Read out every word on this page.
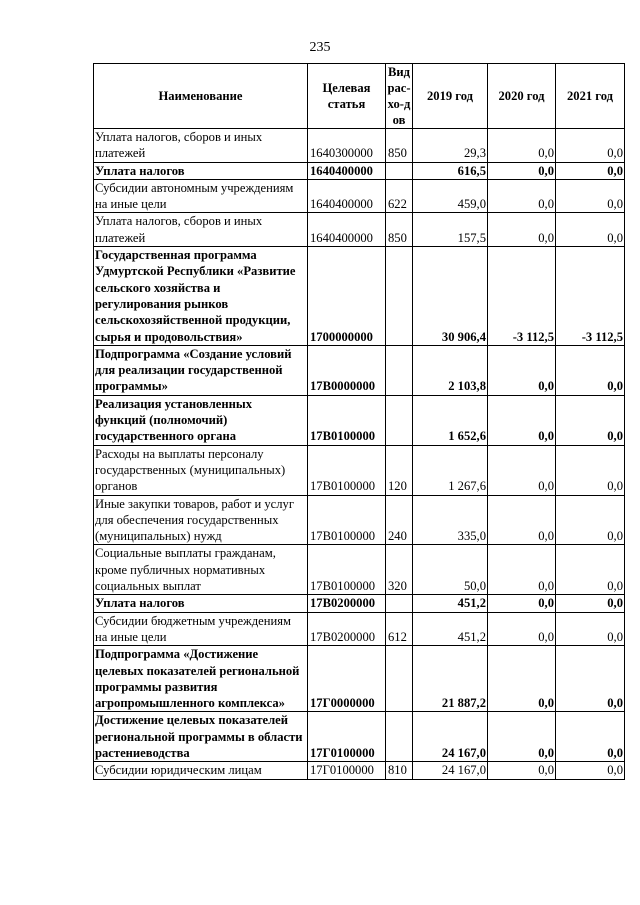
235
Наименование	Целевая статья	Вид рас-хо-дов	2019 год	2020 год	2021 год
Уплата налогов, сборов и иных платежей	1640300000	850	29,3	0,0	0,0
Уплата налогов	1640400000		616,5	0,0	0,0
Субсидии автономным учреждениям на иные цели	1640400000	622	459,0	0,0	0,0
Уплата налогов, сборов и иных платежей	1640400000	850	157,5	0,0	0,0
Государственная программа Удмуртской Республики «Развитие сельского хозяйства и регулирования рынков сельскохозяйственной продукции, сырья и продовольствия»	1700000000		30 906,4	-3 112,5	-3 112,5
Подпрограмма «Создание условий для реализации государственной программы»	17В0000000		2 103,8	0,0	0,0
Реализация установленных функций (полномочий) государственного органа	17В0100000		1 652,6	0,0	0,0
Расходы на выплаты персоналу государственных (муниципальных) органов	17В0100000	120	1 267,6	0,0	0,0
Иные закупки товаров, работ и услуг для обеспечения государственных (муниципальных) нужд	17В0100000	240	335,0	0,0	0,0
Социальные выплаты гражданам, кроме публичных нормативных социальных выплат	17В0100000	320	50,0	0,0	0,0
Уплата налогов	17В0200000		451,2	0,0	0,0
Субсидии бюджетным учреждениям на иные цели	17В0200000	612	451,2	0,0	0,0
Подпрограмма «Достижение целевых показателей региональной программы развития агропромышленного комплекса»	17Г0000000		21 887,2	0,0	0,0
Достижение целевых показателей региональной программы в области растениеводства	17Г0100000		24 167,0	0,0	0,0
Субсидии юридическим лицам	17Г0100000	810	24 167,0	0,0	0,0
